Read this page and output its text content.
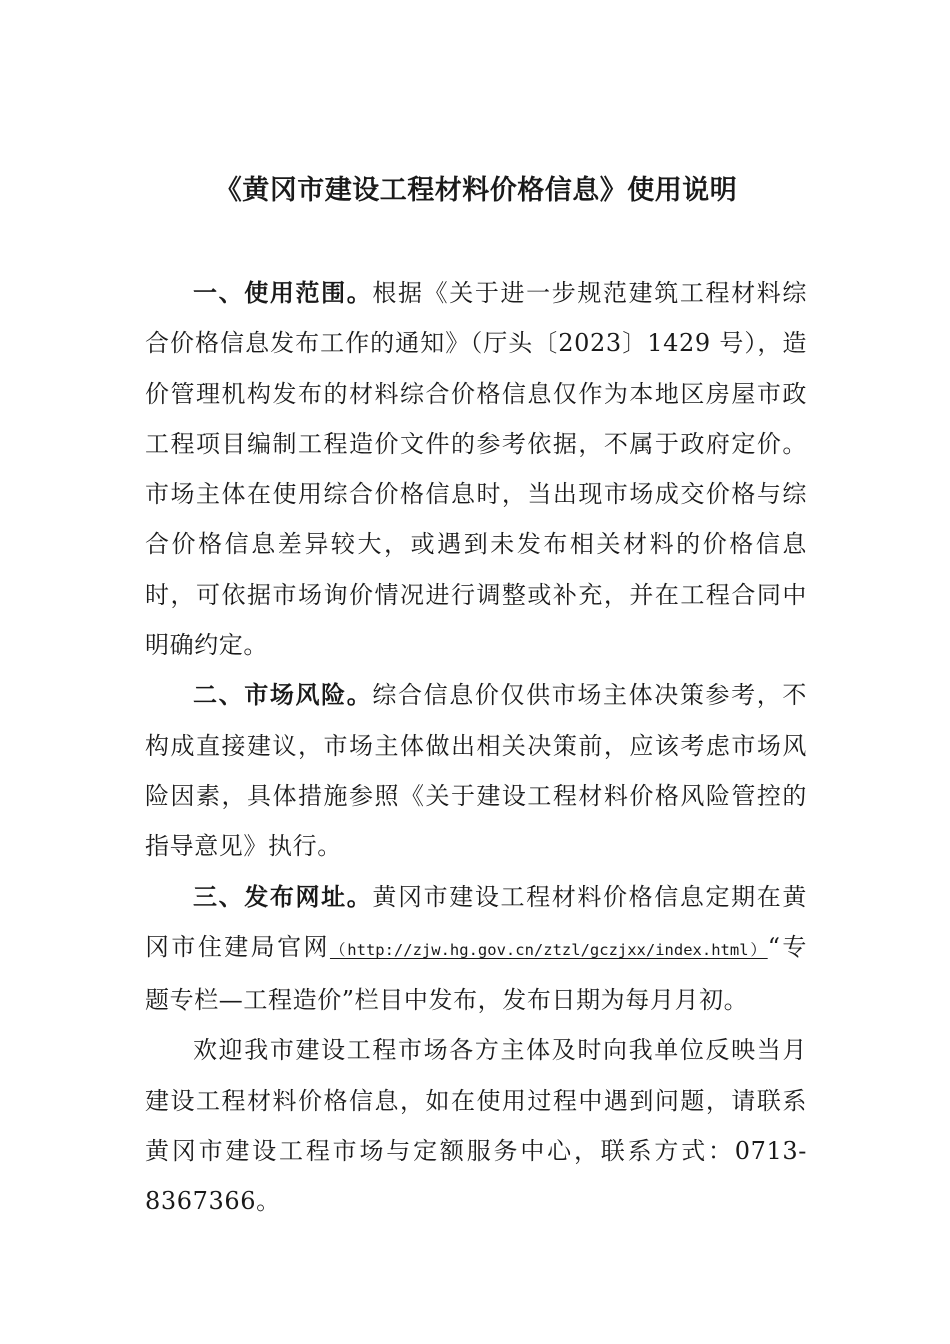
《黄冈市建设工程材料价格信息》使用说明

一、使用范围。根据《关于进一步规范建筑工程材料综合价格信息发布工作的通知》（厅头〔2023〕1429 号），造价管理机构发布的材料综合价格信息仅作为本地区房屋市政工程项目编制工程造价文件的参考依据，不属于政府定价。市场主体在使用综合价格信息时，当出现市场成交价格与综合价格信息差异较大，或遇到未发布相关材料的价格信息时，可依据市场询价情况进行调整或补充，并在工程合同中明确约定。

二、市场风险。综合信息价仅供市场主体决策参考，不构成直接建议，市场主体做出相关决策前，应该考虑市场风险因素，具体措施参照《关于建设工程材料价格风险管控的指导意见》执行。

三、发布网址。黄冈市建设工程材料价格信息定期在黄冈市住建局官网（http://zjw.hg.gov.cn/ztzl/gczjxx/index.html）“专题专栏—工程造价”栏目中发布，发布日期为每月月初。

欢迎我市建设工程市场各方主体及时向我单位反映当月建设工程材料价格信息，如在使用过程中遇到问题，请联系黄冈市建设工程市场与定额服务中心，联系方式：0713-8367366。
